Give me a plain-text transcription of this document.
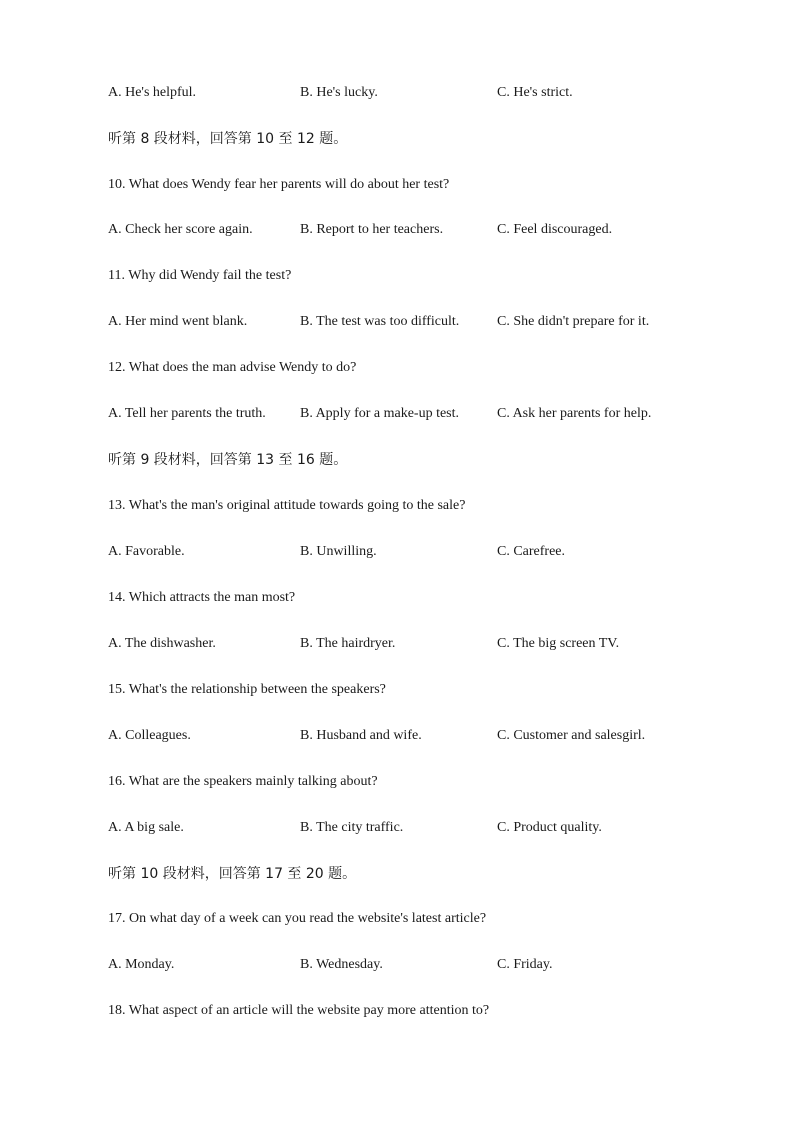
A. He's helpful.	B. He's lucky.	C. He's strict.
听第 8 段材料，回答第 10 至 12 题。
10. What does Wendy fear her parents will do about her test?
A. Check her score again.	B. Report to her teachers.	C. Feel discouraged.
11. Why did Wendy fail the test?
A. Her mind went blank.	B. The test was too difficult.	C. She didn't prepare for it.
12. What does the man advise Wendy to do?
A. Tell her parents the truth. B. Apply for a make-up test.	C. Ask her parents for help.
听第 9 段材料，回答第 13 至 16 题。
13. What's the man's original attitude towards going to the sale?
A. Favorable.	B. Unwilling.	C. Carefree.
14. Which attracts the man most?
A. The dishwasher.	B. The hairdryer.	C. The big screen TV.
15. What's the relationship between the speakers?
A. Colleagues.	B. Husband and wife.	C. Customer and salesgirl.
16. What are the speakers mainly talking about?
A. A big sale.	B. The city traffic.	C. Product quality.
听第 10 段材料，回答第 17 至 20 题。
17. On what day of a week can you read the website's latest article?
A. Monday.	B. Wednesday.	C. Friday.
18. What aspect of an article will the website pay more attention to?
